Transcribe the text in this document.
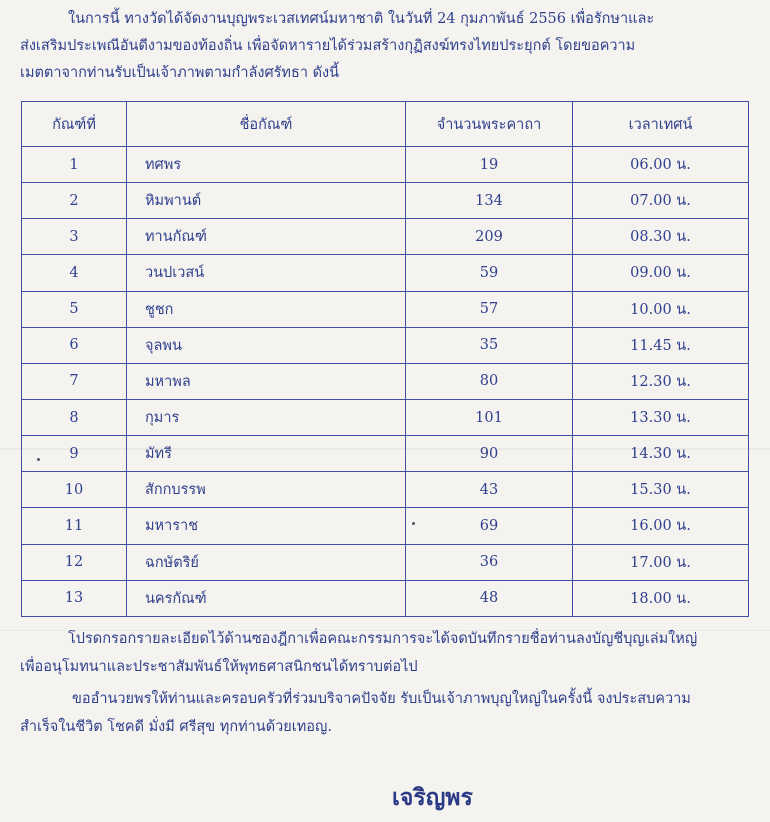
ในการนี้ ทางวัดได้จัดงานบุญพระเวสเทศน์มหาชาติ ในวันที่ 24 กุมภาพันธ์ 2556 เพื่อรักษาและ
ส่งเสริมประเพณีอันดีงามของท้องถิ่น เพื่อจัดหารายได้ร่วมสร้างกุฏิสงฆ์ทรงไทยประยุกต์ โดยขอความ
เมตตาจากท่านรับเป็นเจ้าภาพตามกำลังศรัทธา ดังนี้
กัณฑ์ที่	ชื่อกัณฑ์	จำนวนพระคาถา	เวลาเทศน์
1	ทศพร	19	06.00 น.
2	หิมพานต์	134	07.00 น.
3	ทานกัณฑ์	209	08.30 น.
4	วนปเวสน์	59	09.00 น.
5	ชูชก	57	10.00 น.
6	จุลพน	35	11.45 น.
7	มหาพล	80	12.30 น.
8	กุมาร	101	13.30 น.
9	มัทรี	90	14.30 น.
10	สักกบรรพ	43	15.30 น.
11	มหาราช	69	16.00 น.
12	ฉกษัตริย์	36	17.00 น.
13	นครกัณฑ์	48	18.00 น.
โปรดกรอกรายละเอียดไว้ด้านซองฎีกาเพื่อคณะกรรมการจะได้จดบันทึกรายชื่อท่านลงบัญชีบุญเล่มใหญ่
เพื่ออนุโมทนาและประชาสัมพันธ์ให้พุทธศาสนิกชนได้ทราบต่อไป
ขออำนวยพรให้ท่านและครอบครัวที่ร่วมบริจาคปัจจัย รับเป็นเจ้าภาพบุญใหญ่ในครั้งนี้ จงประสบความ
สำเร็จในชีวิต โชคดี มั่งมี ศรีสุข ทุกท่านด้วยเทอญ.
เจริญพร
